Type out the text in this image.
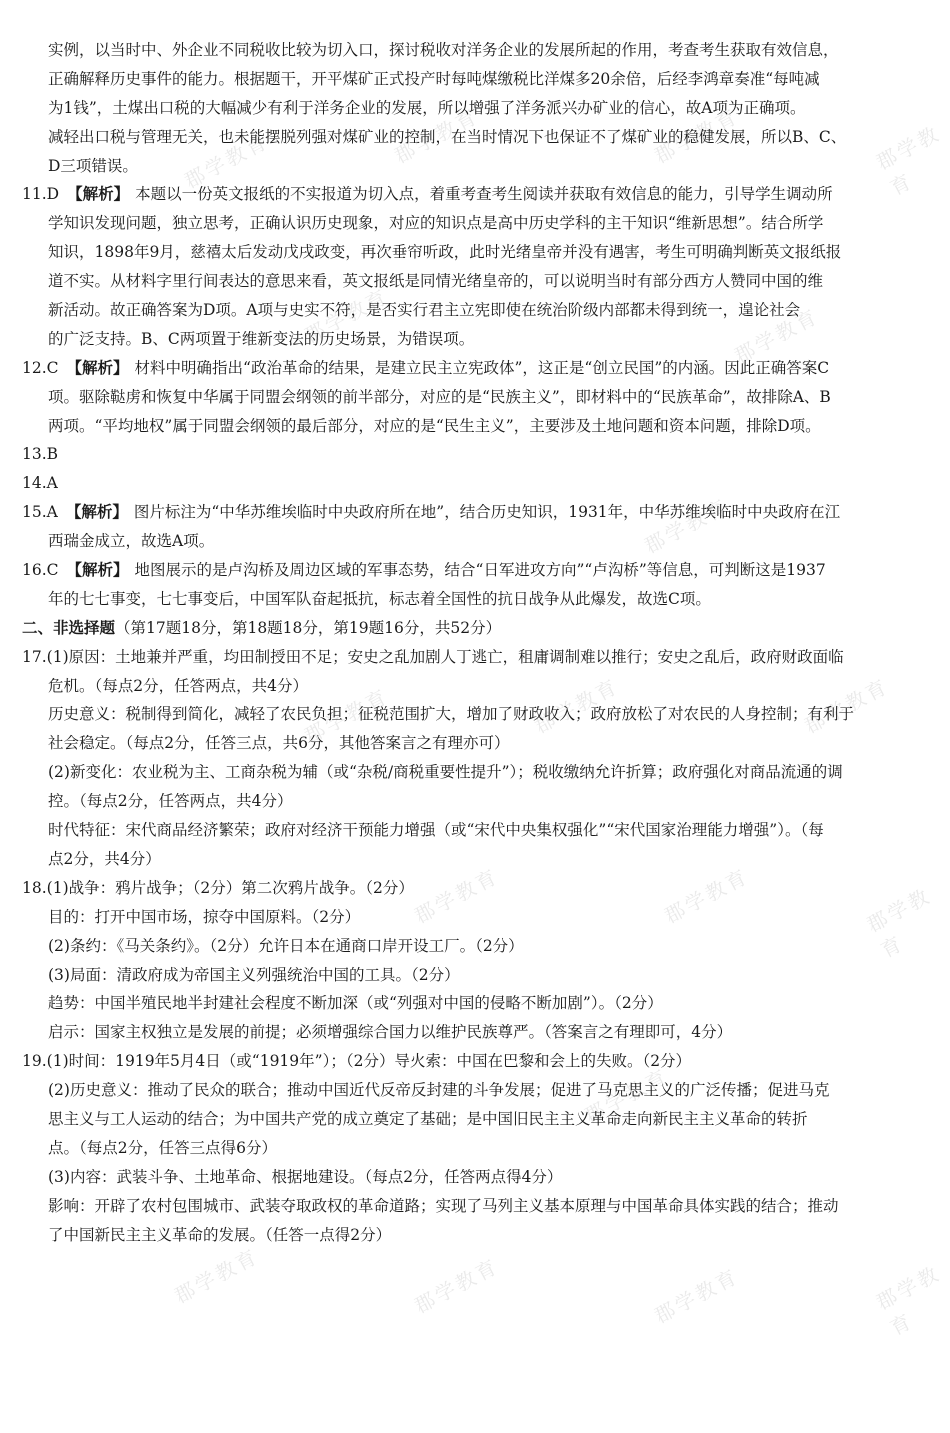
郡学教育	郡学教育	郡学教育
郡学教育
郡学教育	郡学教育
郡学教育
郡学教育	郡学教育	郡学教育
郡学教育	郡学教育	郡学教育
郡学教育
郡学教育	郡学教育	郡学教育	郡学教育
实例，以当时中、外企业不同税收比较为切入口，探讨税收对洋务企业的发展所起的作用，考查考生获取有效信息，
正确解释历史事件的能力。根据题干，开平煤矿正式投产时每吨煤缴税比洋煤多20余倍，后经李鸿章奏准“每吨减
为1钱”，土煤出口税的大幅减少有利于洋务企业的发展，所以增强了洋务派兴办矿业的信心，故A项为正确项。
减轻出口税与管理无关，也未能摆脱列强对煤矿业的控制，在当时情况下也保证不了煤矿业的稳健发展，所以B、C、
D三项错误。
11.D 【解析】 本题以一份英文报纸的不实报道为切入点，着重考查考生阅读并获取有效信息的能力，引导学生调动所
学知识发现问题，独立思考，正确认识历史现象，对应的知识点是高中历史学科的主干知识“维新思想”。结合所学
知识，1898年9月，慈禧太后发动戊戌政变，再次垂帘听政，此时光绪皇帝并没有遇害，考生可明确判断英文报纸报
道不实。从材料字里行间表达的意思来看，英文报纸是同情光绪皇帝的，可以说明当时有部分西方人赞同中国的维
新活动。故正确答案为D项。A项与史实不符，是否实行君主立宪即使在统治阶级内部都未得到统一，遑论社会
的广泛支持。B、C两项置于维新变法的历史场景，为错误项。
12.C 【解析】 材料中明确指出“政治革命的结果，是建立民主立宪政体”，这正是“创立民国”的内涵。因此正确答案C
项。驱除鞑虏和恢复中华属于同盟会纲领的前半部分，对应的是“民族主义”，即材料中的“民族革命”，故排除A、B
两项。“平均地权”属于同盟会纲领的最后部分，对应的是“民生主义”，主要涉及土地问题和资本问题，排除D项。
13.B
14.A
15.A 【解析】 图片标注为“中华苏维埃临时中央政府所在地”，结合历史知识，1931年，中华苏维埃临时中央政府在江
西瑞金成立，故选A项。
16.C 【解析】 地图展示的是卢沟桥及周边区域的军事态势，结合“日军进攻方向”“卢沟桥”等信息，可判断这是1937
年的七七事变，七七事变后，中国军队奋起抵抗，标志着全国性的抗日战争从此爆发，故选C项。
二、非选择题（第17题18分，第18题18分，第19题16分，共52分）
17.(1)原因：土地兼并严重，均田制授田不足；安史之乱加剧人丁逃亡，租庸调制难以推行；安史之乱后，政府财政面临
危机。（每点2分，任答两点，共4分）
历史意义：税制得到简化，减轻了农民负担；征税范围扩大，增加了财政收入；政府放松了对农民的人身控制；有利于
社会稳定。（每点2分，任答三点，共6分，其他答案言之有理亦可）
(2)新变化：农业税为主、工商杂税为辅（或“杂税/商税重要性提升”）；税收缴纳允许折算；政府强化对商品流通的调
控。（每点2分，任答两点，共4分）
时代特征：宋代商品经济繁荣；政府对经济干预能力增强（或“宋代中央集权强化”“宋代国家治理能力增强”）。（每
点2分，共4分）
18.(1)战争：鸦片战争；（2分）第二次鸦片战争。（2分）
目的：打开中国市场，掠夺中国原料。（2分）
(2)条约：《马关条约》。（2分）允许日本在通商口岸开设工厂。（2分）
(3)局面：清政府成为帝国主义列强统治中国的工具。（2分）
趋势：中国半殖民地半封建社会程度不断加深（或“列强对中国的侵略不断加剧”）。（2分）
启示：国家主权独立是发展的前提；必须增强综合国力以维护民族尊严。（答案言之有理即可，4分）
19.(1)时间：1919年5月4日（或“1919年”）；（2分）导火索：中国在巴黎和会上的失败。（2分）
(2)历史意义：推动了民众的联合；推动中国近代反帝反封建的斗争发展；促进了马克思主义的广泛传播；促进马克
思主义与工人运动的结合；为中国共产党的成立奠定了基础；是中国旧民主主义革命走向新民主主义革命的转折
点。（每点2分，任答三点得6分）
(3)内容：武装斗争、土地革命、根据地建设。（每点2分，任答两点得4分）
影响：开辟了农村包围城市、武装夺取政权的革命道路；实现了马列主义基本原理与中国革命具体实践的结合；推动
了中国新民主主义革命的发展。（任答一点得2分）
